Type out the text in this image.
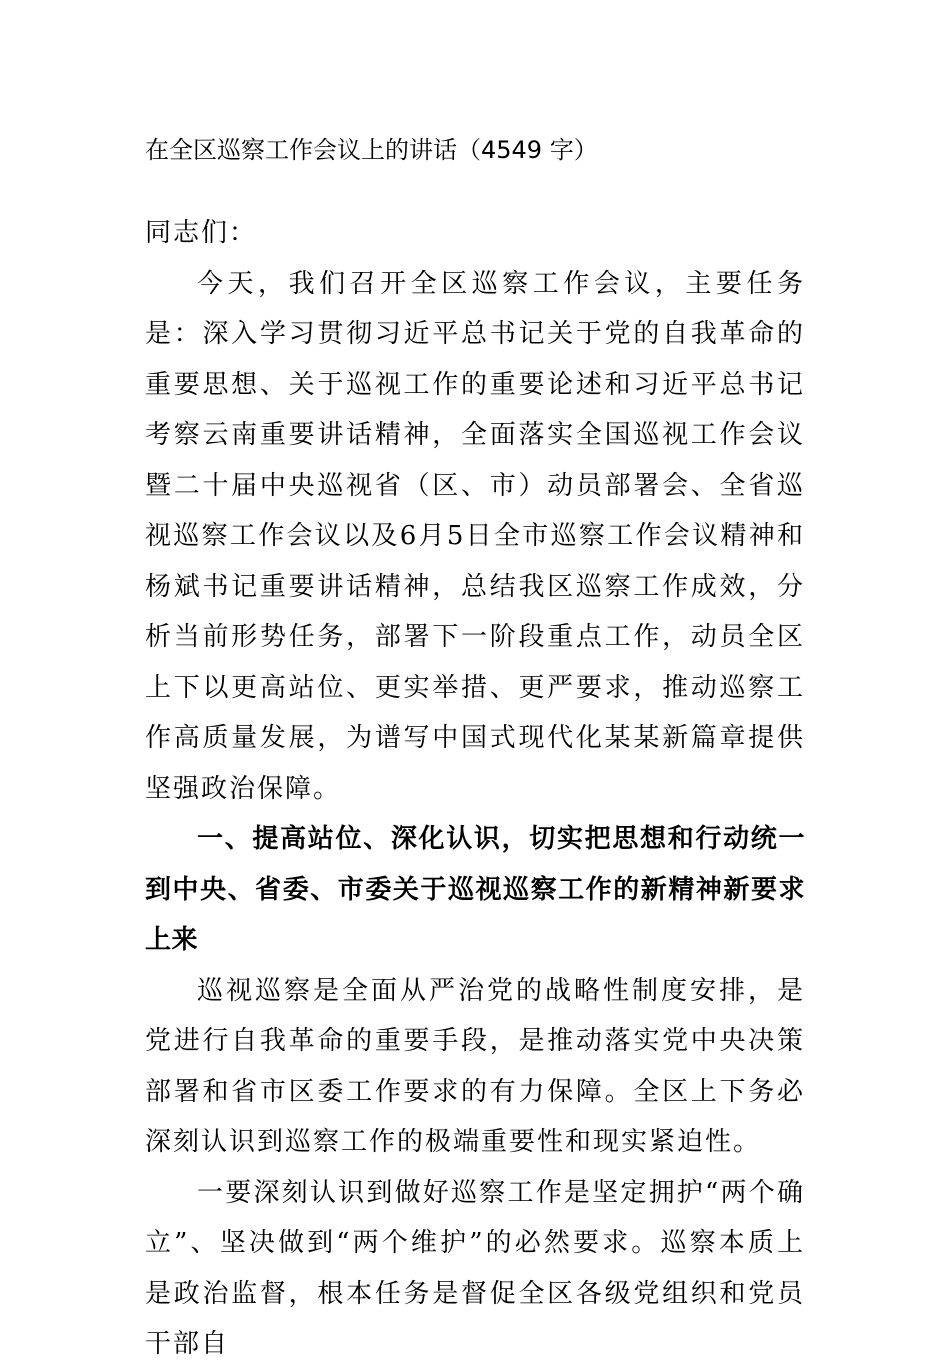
在全区巡察工作会议上的讲话（4549 字）

同志们：

今天，我们召开全区巡察工作会议，主要任务是：深入学习贯彻习近平总书记关于党的自我革命的重要思想、关于巡视工作的重要论述和习近平总书记考察云南重要讲话精神，全面落实全国巡视工作会议暨二十届中央巡视省（区、市）动员部署会、全省巡视巡察工作会议以及6月5日全市巡察工作会议精神和杨斌书记重要讲话精神，总结我区巡察工作成效，分析当前形势任务，部署下一阶段重点工作，动员全区上下以更高站位、更实举措、更严要求，推动巡察工作高质量发展，为谱写中国式现代化某某新篇章提供坚强政治保障。

一、提高站位、深化认识，切实把思想和行动统一到中央、省委、市委关于巡视巡察工作的新精神新要求上来

巡视巡察是全面从严治党的战略性制度安排，是党进行自我革命的重要手段，是推动落实党中央决策部署和省市区委工作要求的有力保障。全区上下务必深刻认识到巡察工作的极端重要性和现实紧迫性。

一要深刻认识到做好巡察工作是坚定拥护“两个确立”、坚决做到“两个维护”的必然要求。巡察本质上是政治监督，根本任务是督促全区各级党组织和党员干部自
